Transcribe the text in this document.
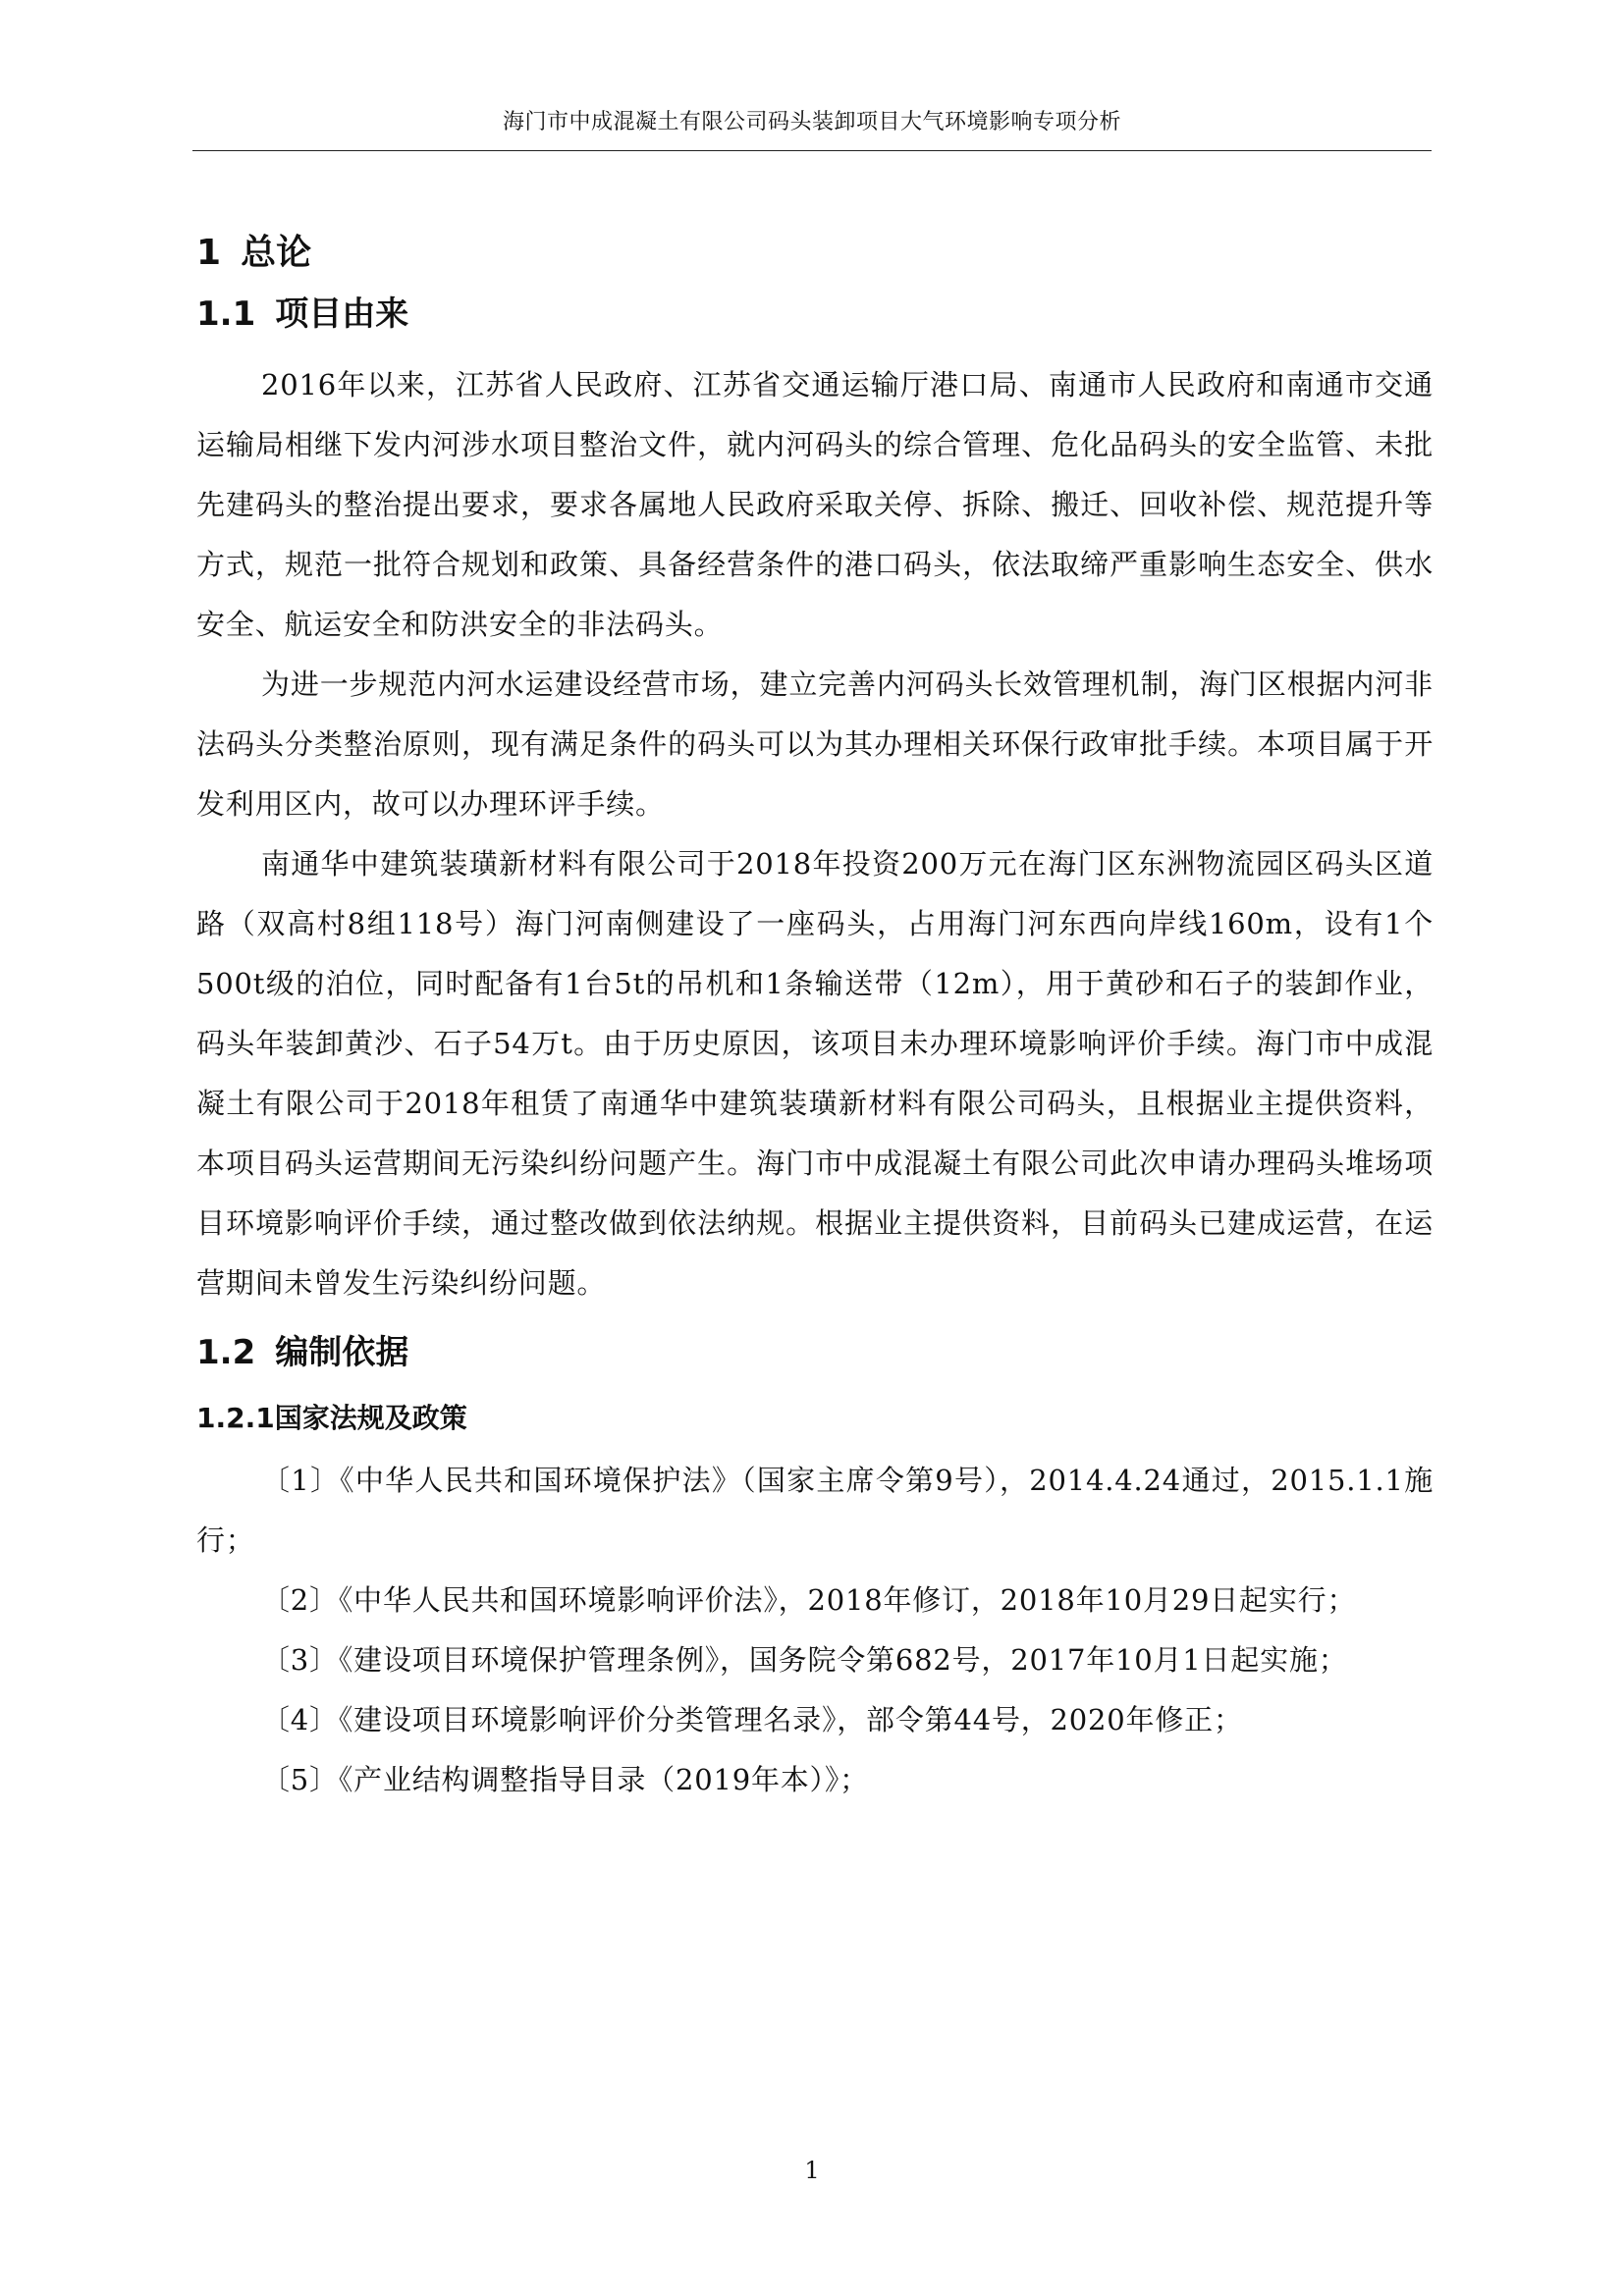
海门市中成混凝土有限公司码头装卸项目大气环境影响专项分析
1 总论
1.1 项目由来

2016年以来，江苏省人民政府、江苏省交通运输厅港口局、南通市人民政府和南通市交通运输局相继下发内河涉水项目整治文件，就内河码头的综合管理、危化品码头的安全监管、未批先建码头的整治提出要求，要求各属地人民政府采取关停、拆除、搬迁、回收补偿、规范提升等方式，规范一批符合规划和政策、具备经营条件的港口码头，依法取缔严重影响生态安全、供水安全、航运安全和防洪安全的非法码头。

为进一步规范内河水运建设经营市场，建立完善内河码头长效管理机制，海门区根据内河非法码头分类整治原则，现有满足条件的码头可以为其办理相关环保行政审批手续。本项目属于开发利用区内，故可以办理环评手续。

南通华中建筑装璜新材料有限公司于2018年投资200万元在海门区东洲物流园区码头区道路（双高村8组118号）海门河南侧建设了一座码头，占用海门河东西向岸线160m，设有1个500t级的泊位，同时配备有1台5t的吊机和1条输送带（12m），用于黄砂和石子的装卸作业，码头年装卸黄沙、石子54万t。由于历史原因，该项目未办理环境影响评价手续。海门市中成混凝土有限公司于2018年租赁了南通华中建筑装璜新材料有限公司码头，且根据业主提供资料，本项目码头运营期间无污染纠纷问题产生。海门市中成混凝土有限公司此次申请办理码头堆场项目环境影响评价手续，通过整改做到依法纳规。根据业主提供资料，目前码头已建成运营，在运营期间未曾发生污染纠纷问题。

1.2 编制依据
1.2.1国家法规及政策

〔1〕《中华人民共和国环境保护法》（国家主席令第9号），2014.4.24通过，2015.1.1施行；

〔2〕《中华人民共和国环境影响评价法》，2018年修订，2018年10月29日起实行；

〔3〕《建设项目环境保护管理条例》，国务院令第682号，2017年10月1日起实施；

〔4〕《建设项目环境影响评价分类管理名录》，部令第44号，2020年修正；

〔5〕《产业结构调整指导目录（2019年本）》；

1
